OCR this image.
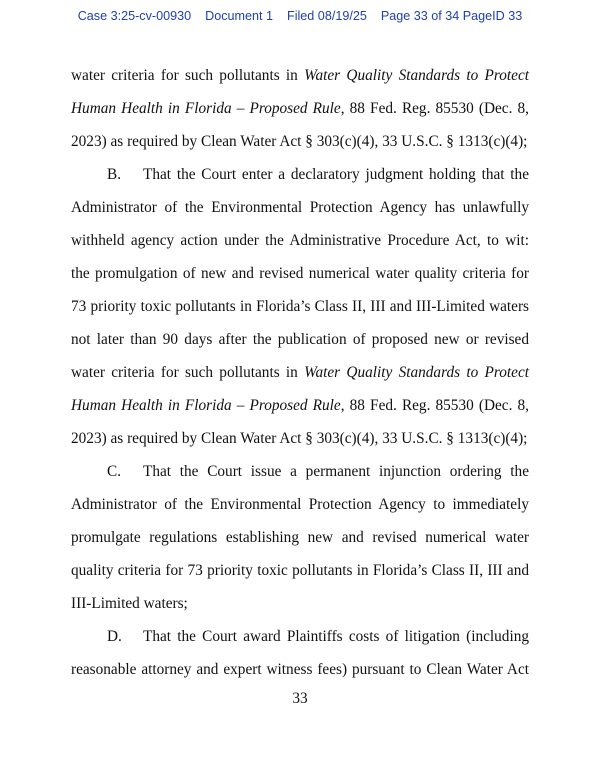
Case 3:25-cv-00930 Document 1 Filed 08/19/25 Page 33 of 34 PageID 33
water criteria for such pollutants in Water Quality Standards to Protect
Human Health in Florida – Proposed Rule, 88 Fed. Reg. 85530 (Dec. 8,
2023) as required by Clean Water Act § 303(c)(4), 33 U.S.C. § 1313(c)(4);
B. That the Court enter a declaratory judgment holding that the
Administrator of the Environmental Protection Agency has unlawfully
withheld agency action under the Administrative Procedure Act, to wit:
the promulgation of new and revised numerical water quality criteria for
73 priority toxic pollutants in Florida’s Class II, III and III-Limited waters
not later than 90 days after the publication of proposed new or revised
water criteria for such pollutants in Water Quality Standards to Protect
Human Health in Florida – Proposed Rule, 88 Fed. Reg. 85530 (Dec. 8,
2023) as required by Clean Water Act § 303(c)(4), 33 U.S.C. § 1313(c)(4);
C. That the Court issue a permanent injunction ordering the
Administrator of the Environmental Protection Agency to immediately
promulgate regulations establishing new and revised numerical water
quality criteria for 73 priority toxic pollutants in Florida’s Class II, III and
III-Limited waters;
D. That the Court award Plaintiffs costs of litigation (including
reasonable attorney and expert witness fees) pursuant to Clean Water Act
33
